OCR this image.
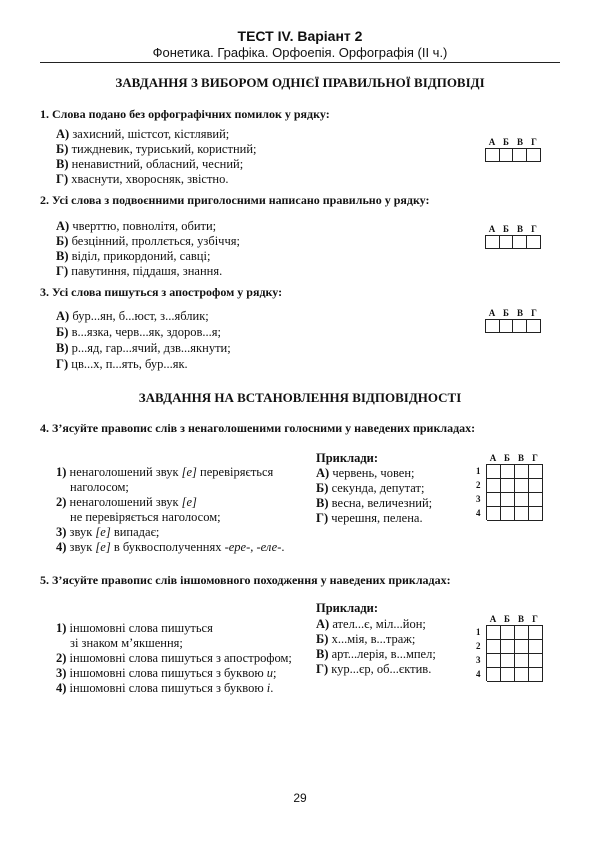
ТЕСТ IV. Варіант 2
Фонетика. Графіка. Орфоепія. Орфографія (ІІ ч.)
ЗАВДАННЯ З ВИБОРОМ ОДНІЄЇ ПРАВИЛЬНОЇ ВІДПОВІДІ
1. Слова подано без орфографічних помилок у рядку:
А) захисний, шістсот, кістлявий;
Б) тиждневик, туриський, користний;
В) ненавистний, обласний, чесний;
Г) хваснути, хворосняк, звістно.
А Б В Г
2. Усі слова з подвоєнними приголосними написано правильно у рядку:
А) чверттю, повнолітя, обити;
Б) безцінний, проллється, узбіччя;
В) віділ, прикордоний, савці;
Г) павутиння, піддашя, знання.
А Б В Г
3. Усі слова пишуться з апострофом у рядку:
А) бур...ян, б...юст, з...яблик;
Б) в...язка, черв...як, здоров...я;
В) р...яд, гар...ячий, дзв...якнути;
Г) цв...х, п...ять, бур...як.
А Б В Г
ЗАВДАННЯ НА ВСТАНОВЛЕННЯ ВІДПОВІДНОСТІ
4. З’ясуйте правопис слів з ненаголошеними голосними у наведених прикладах:
1) ненаголошений звук [е] перевіряється
наголосом;
2) ненаголошений звук [е]
не перевіряється наголосом;
3) звук [е] випадає;
4) звук [е] в буквосполученнях -ере-, -еле-.
Приклади:
А) червень, човен;
Б) секунда, депутат;
В) весна, величезний;
Г) черешня, пелена.
А Б В Г
1
2
3
4
5. З’ясуйте правопис слів іншомовного походження у наведених прикладах:
1) іншомовні слова пишуться
зі знаком м’якшення;
2) іншомовні слова пишуться з апострофом;
3) іншомовні слова пишуться з буквою и;
4) іншомовні слова пишуться з буквою і.
Приклади:
А) ател...є, міл...йон;
Б) х...мія, в...траж;
В) арт...лерія, в...мпел;
Г) кур...єр, об...єктив.
А Б В Г
1
2
3
4
29
